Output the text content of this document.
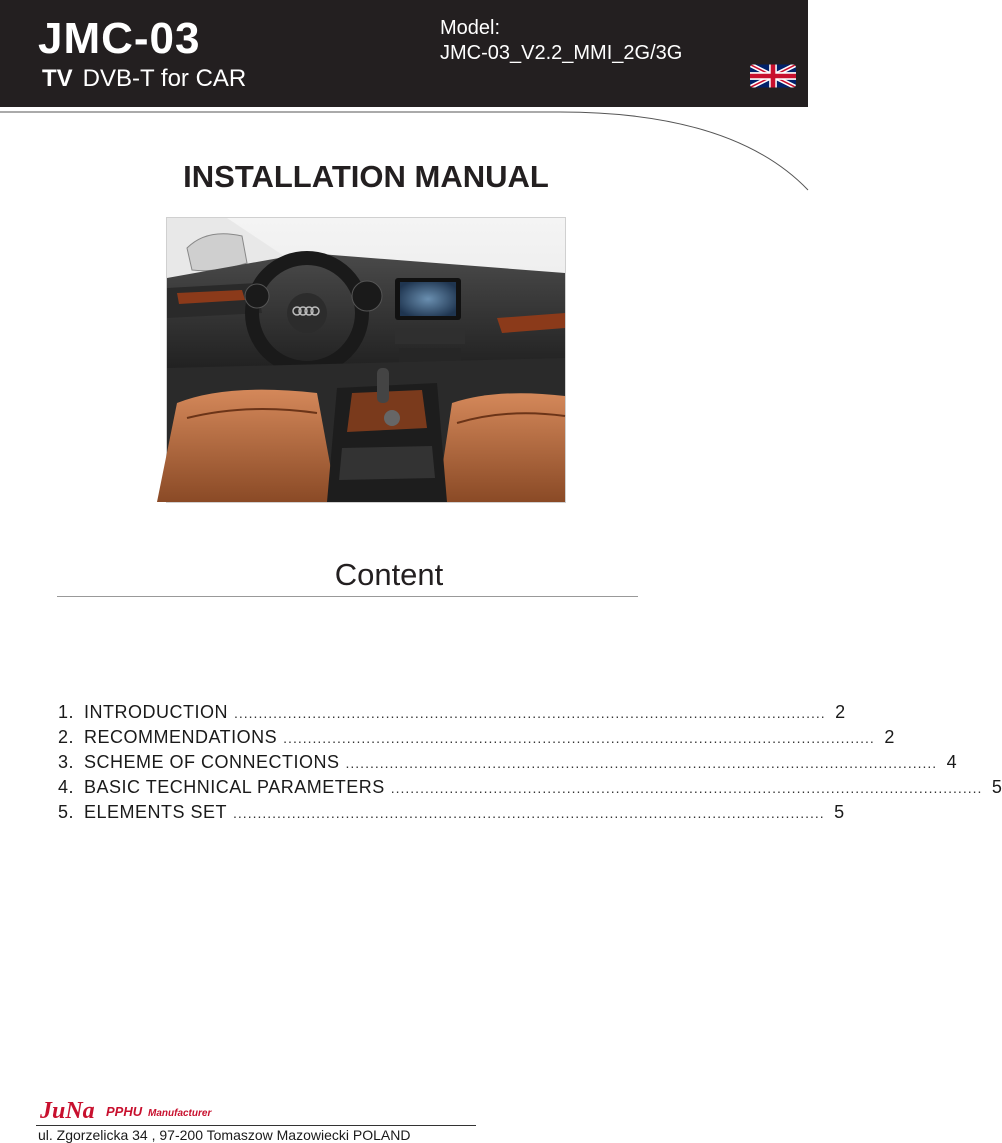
JMC-03
TV DVB-T for CAR
Model:
JMC-03_V2.2_MMI_2G/3G
INSTALLATION MANUAL
Content
1. INTRODUCTION ......................................................................................................................... 2
2. RECOMMENDATIONS ......................................................................................................................... 2
3. SCHEME OF CONNECTIONS ......................................................................................................................... 4
4. BASIC TECHNICAL PARAMETERS ......................................................................................................................... 5
5. ELEMENTS SET ......................................................................................................................... 5
JuNa PPHU Manufacturer
ul. Zgorzelicka 34 , 97-200 Tomaszow Mazowiecki POLAND
